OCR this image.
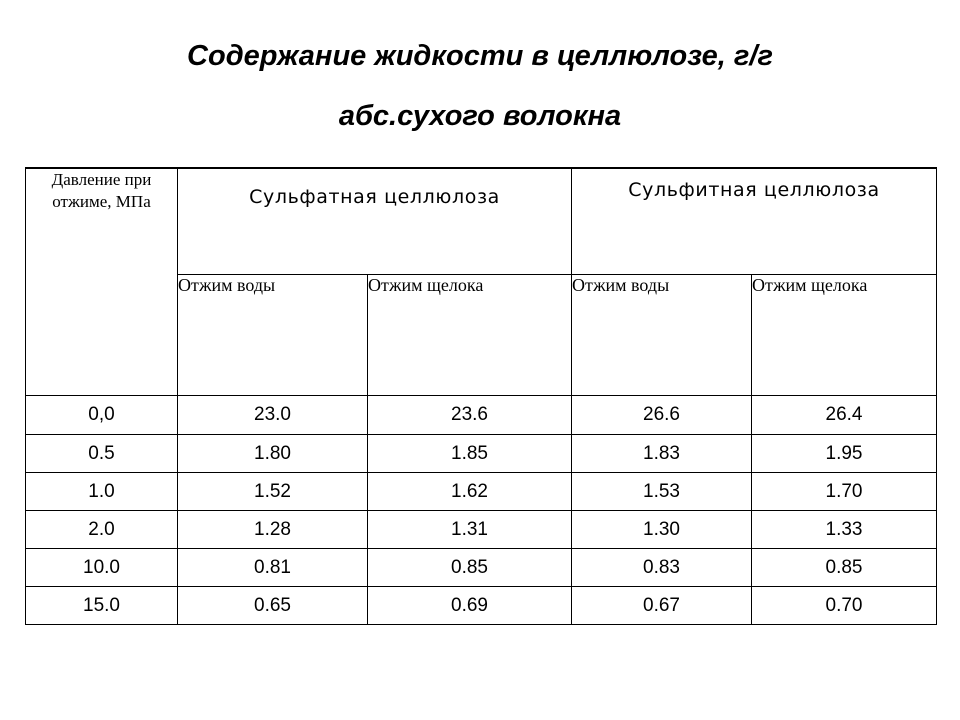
Содержание жидкости в целлюлозе, г/г
абс.сухого волокна
Давление при отжиме, МПа	Сульфатная целлюлоза		Сульфитная целлюлоза	
	Отжим воды	Отжим щелока	Отжим воды	Отжим щелока
0,0	23.0	23.6	26.6	26.4
0.5	1.80	1.85	1.83	1.95
1.0	1.52	1.62	1.53	1.70
2.0	1.28	1.31	1.30	1.33
10.0	0.81	0.85	0.83	0.85
15.0	0.65	0.69	0.67	0.70
